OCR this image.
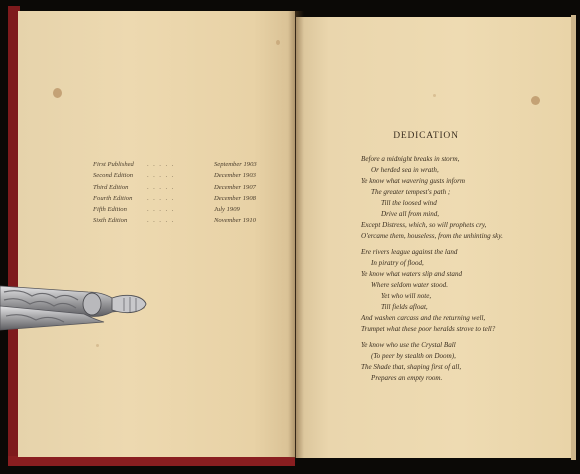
First Published .....	September 1903
Second Edition .....	December 1903
Third Edition	.....	December 1907
Fourth Edition .....	December 1908
Fifth Edition	.....	July 1909
Sixth Edition	.....	November 1910
DEDICATION
Before a midnight breaks in storm,
Or herded sea in wrath,
Ye know what wavering gusts inform
The greater tempest's path ;
Till the loosed wind
Drive all from mind,
Except Distress, which, so will prophets cry,
O'ercame them, houseless, from the unhinting sky.
Ere rivers league against the land
In piratry of flood,
Ye know what waters slip and stand
Where seldom water stood.
Yet who will note,
Till fields afloat,
And washen carcass and the returning well,
Trumpet what these poor heralds strove to tell?
Ye know who use the Crystal Ball
(To peer by stealth on Doom),
The Shade that, shaping first of all,
Prepares an empty room.
